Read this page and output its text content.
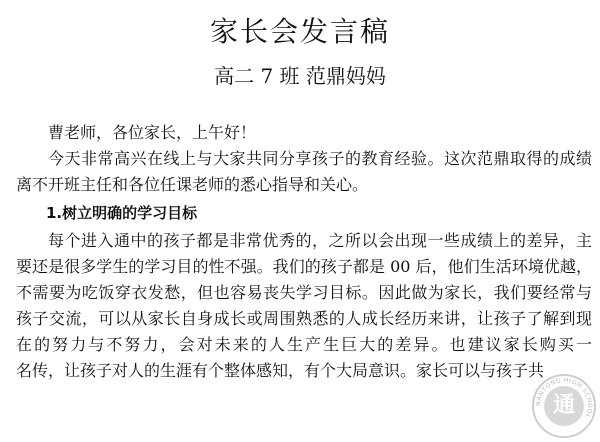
家长会发言稿
高二 7 班 范鼎妈妈

曹老师，各位家长，上午好！

今天非常高兴在线上与大家共同分享孩子的教育经验。这次范鼎取得的成绩
离不开班主任和各位任课老师的悉心指导和关心。

1.树立明确的学习目标

每个进入通中的孩子都是非常优秀的，之所以会出现一些成绩上的差异，主
要还是很多学生的学习目的性不强。我们的孩子都是 00 后，他们生活环境优越，
不需要为吃饭穿衣发愁，但也容易丧失学习目标。因此做为家长，我们要经常与
孩子交流，可以从家长自身成长或周围熟悉的人成长经历来讲，让孩子了解到现
在的努力与不努力，会对未来的人生产生巨大的差异。也建议家长购买一
名传，让孩子对人的生涯有个整体感知，有个大局意识。家长可以与孩子共
NANTONG HIGH SCHOOL
通
